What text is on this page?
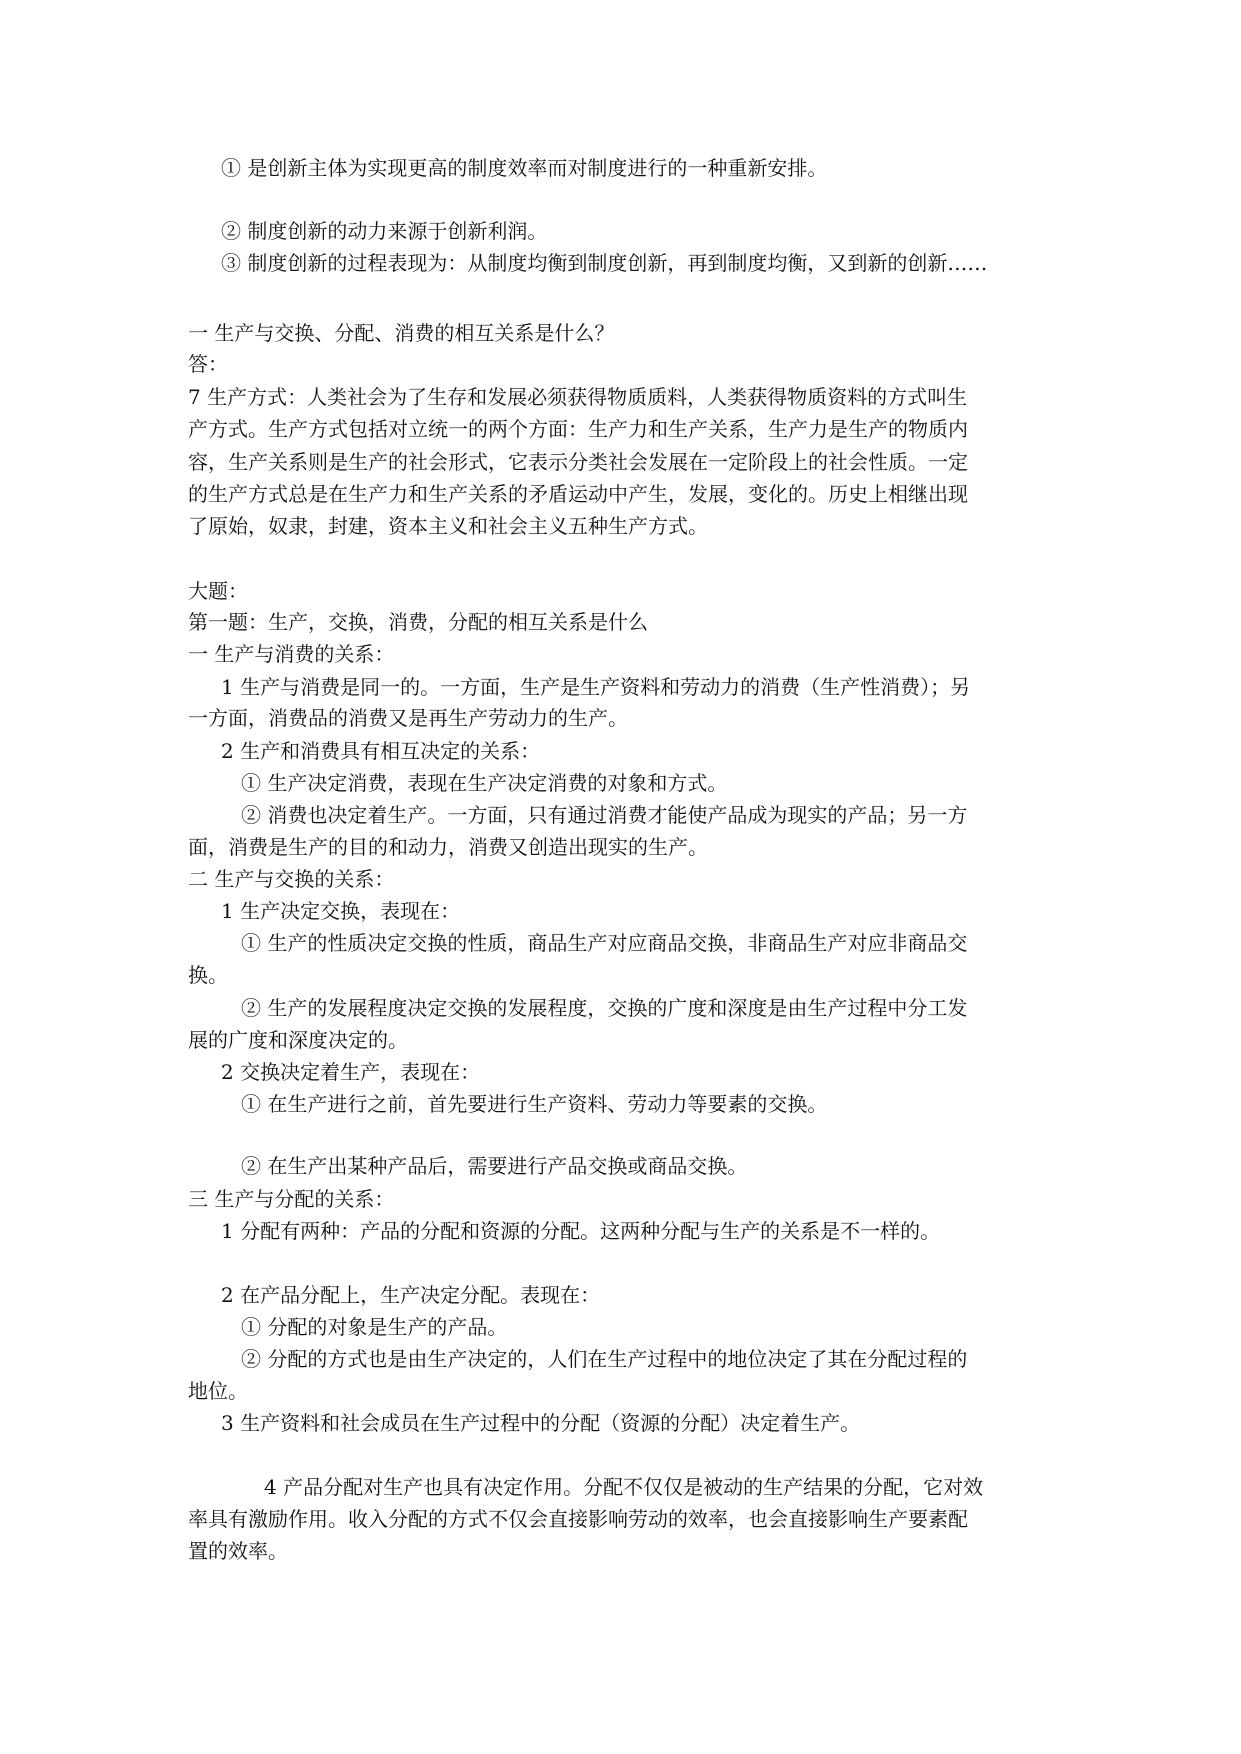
① 是创新主体为实现更高的制度效率而对制度进行的一种重新安排。

② 制度创新的动力来源于创新利润。

③ 制度创新的过程表现为：从制度均衡到制度创新，再到制度均衡，又到新的创新……

一 生产与交换、分配、消费的相互关系是什么？

答：

7 生产方式：人类社会为了生存和发展必须获得物质质料，人类获得物质资料的方式叫生

产方式。生产方式包括对立统一的两个方面：生产力和生产关系，生产力是生产的物质内

容，生产关系则是生产的社会形式，它表示分类社会发展在一定阶段上的社会性质。一定

的生产方式总是在生产力和生产关系的矛盾运动中产生，发展，变化的。历史上相继出现

了原始，奴隶，封建，资本主义和社会主义五种生产方式。

大题：

第一题：生产，交换，消费，分配的相互关系是什么

一 生产与消费的关系：

1 生产与消费是同一的。一方面，生产是生产资料和劳动力的消费（生产性消费）；另

一方面，消费品的消费又是再生产劳动力的生产。

2 生产和消费具有相互决定的关系：

① 生产决定消费，表现在生产决定消费的对象和方式。

② 消费也决定着生产。一方面，只有通过消费才能使产品成为现实的产品；另一方

面，消费是生产的目的和动力，消费又创造出现实的生产。

二 生产与交换的关系：

1 生产决定交换，表现在：

① 生产的性质决定交换的性质，商品生产对应商品交换，非商品生产对应非商品交

换。

② 生产的发展程度决定交换的发展程度，交换的广度和深度是由生产过程中分工发

展的广度和深度决定的。

2 交换决定着生产，表现在：

① 在生产进行之前，首先要进行生产资料、劳动力等要素的交换。

② 在生产出某种产品后，需要进行产品交换或商品交换。

三 生产与分配的关系：

1 分配有两种：产品的分配和资源的分配。这两种分配与生产的关系是不一样的。

2 在产品分配上，生产决定分配。表现在：

① 分配的对象是生产的产品。

② 分配的方式也是由生产决定的，人们在生产过程中的地位决定了其在分配过程的

地位。

3 生产资料和社会成员在生产过程中的分配（资源的分配）决定着生产。

4 产品分配对生产也具有决定作用。分配不仅仅是被动的生产结果的分配，它对效

率具有激励作用。收入分配的方式不仅会直接影响劳动的效率，也会直接影响生产要素配

置的效率。
